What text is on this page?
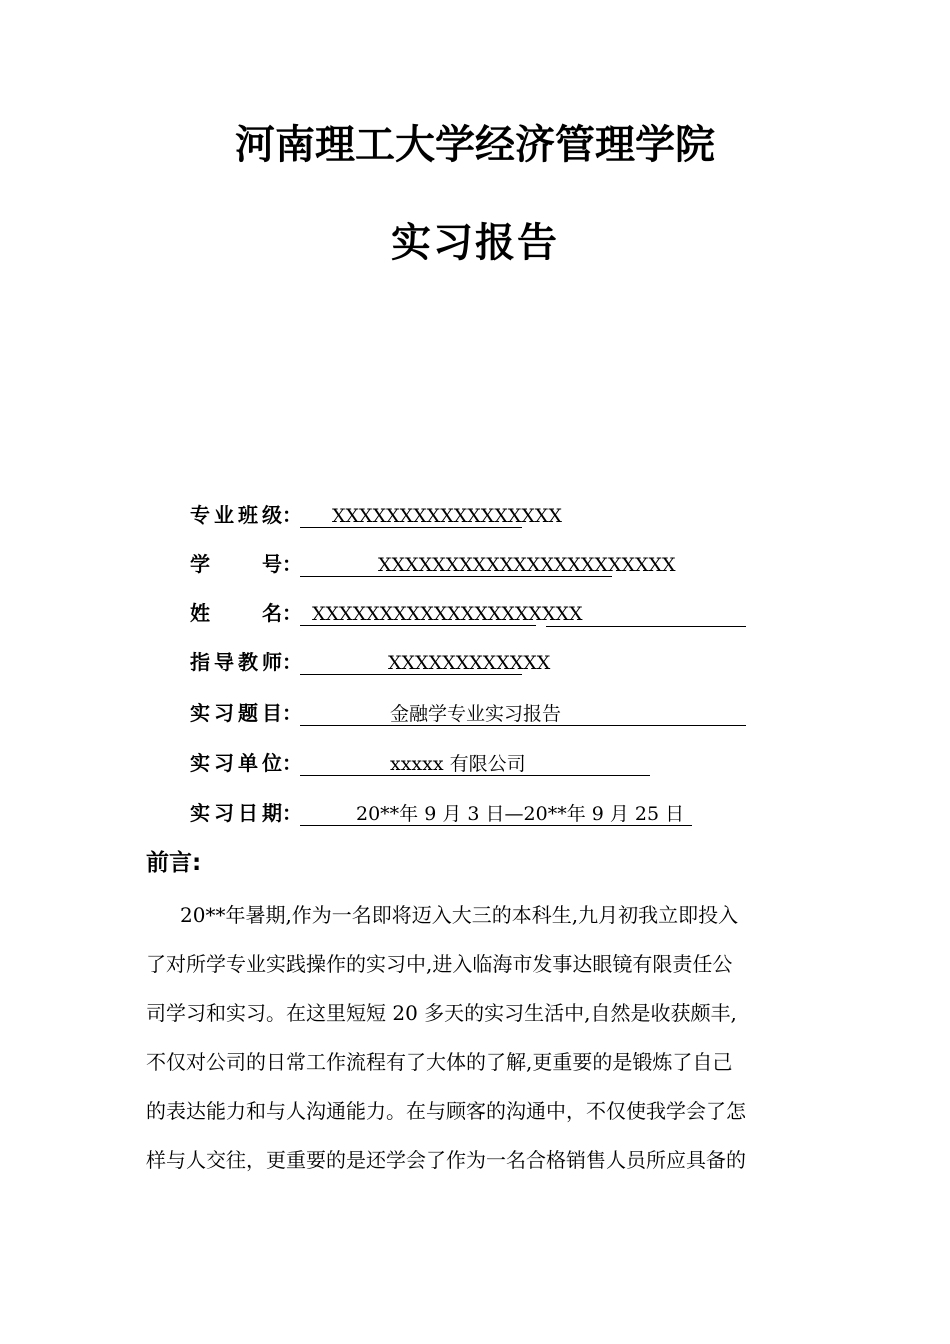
河南理工大学经济管理学院
实习报告
专 业 班 级 ：	XXXXXXXXXXXXXXXXX
学	号 ：	XXXXXXXXXXXXXXXXXXXXXX
姓	名 ： XXXXXXXXXXXXXXXXXXXX
指 导 教 师 ：	XXXXXXXXXXXX
实 习 题 目 ：	金融学专业实习报告
实 习 单 位 ：	xxxxx 有限公司
实 习 日 期 ：	20**年 9 月 3 日—20**年 9 月 25 日
前言:
20**年暑期,作为一名即将迈入大三的本科生,九月初我立即投入
了对所学专业实践操作的实习中,进入临海市发事达眼镜有限责任公
司学习和实习。在这里短短 20 多天的实习生活中,自然是收获颇丰,
不仅对公司的日常工作流程有了大体的了解,更重要的是锻炼了自己
的表达能力和与人沟通能力。在与顾客的沟通中，不仅使我学会了怎
样与人交往，更重要的是还学会了作为一名合格销售人员所应具备的
